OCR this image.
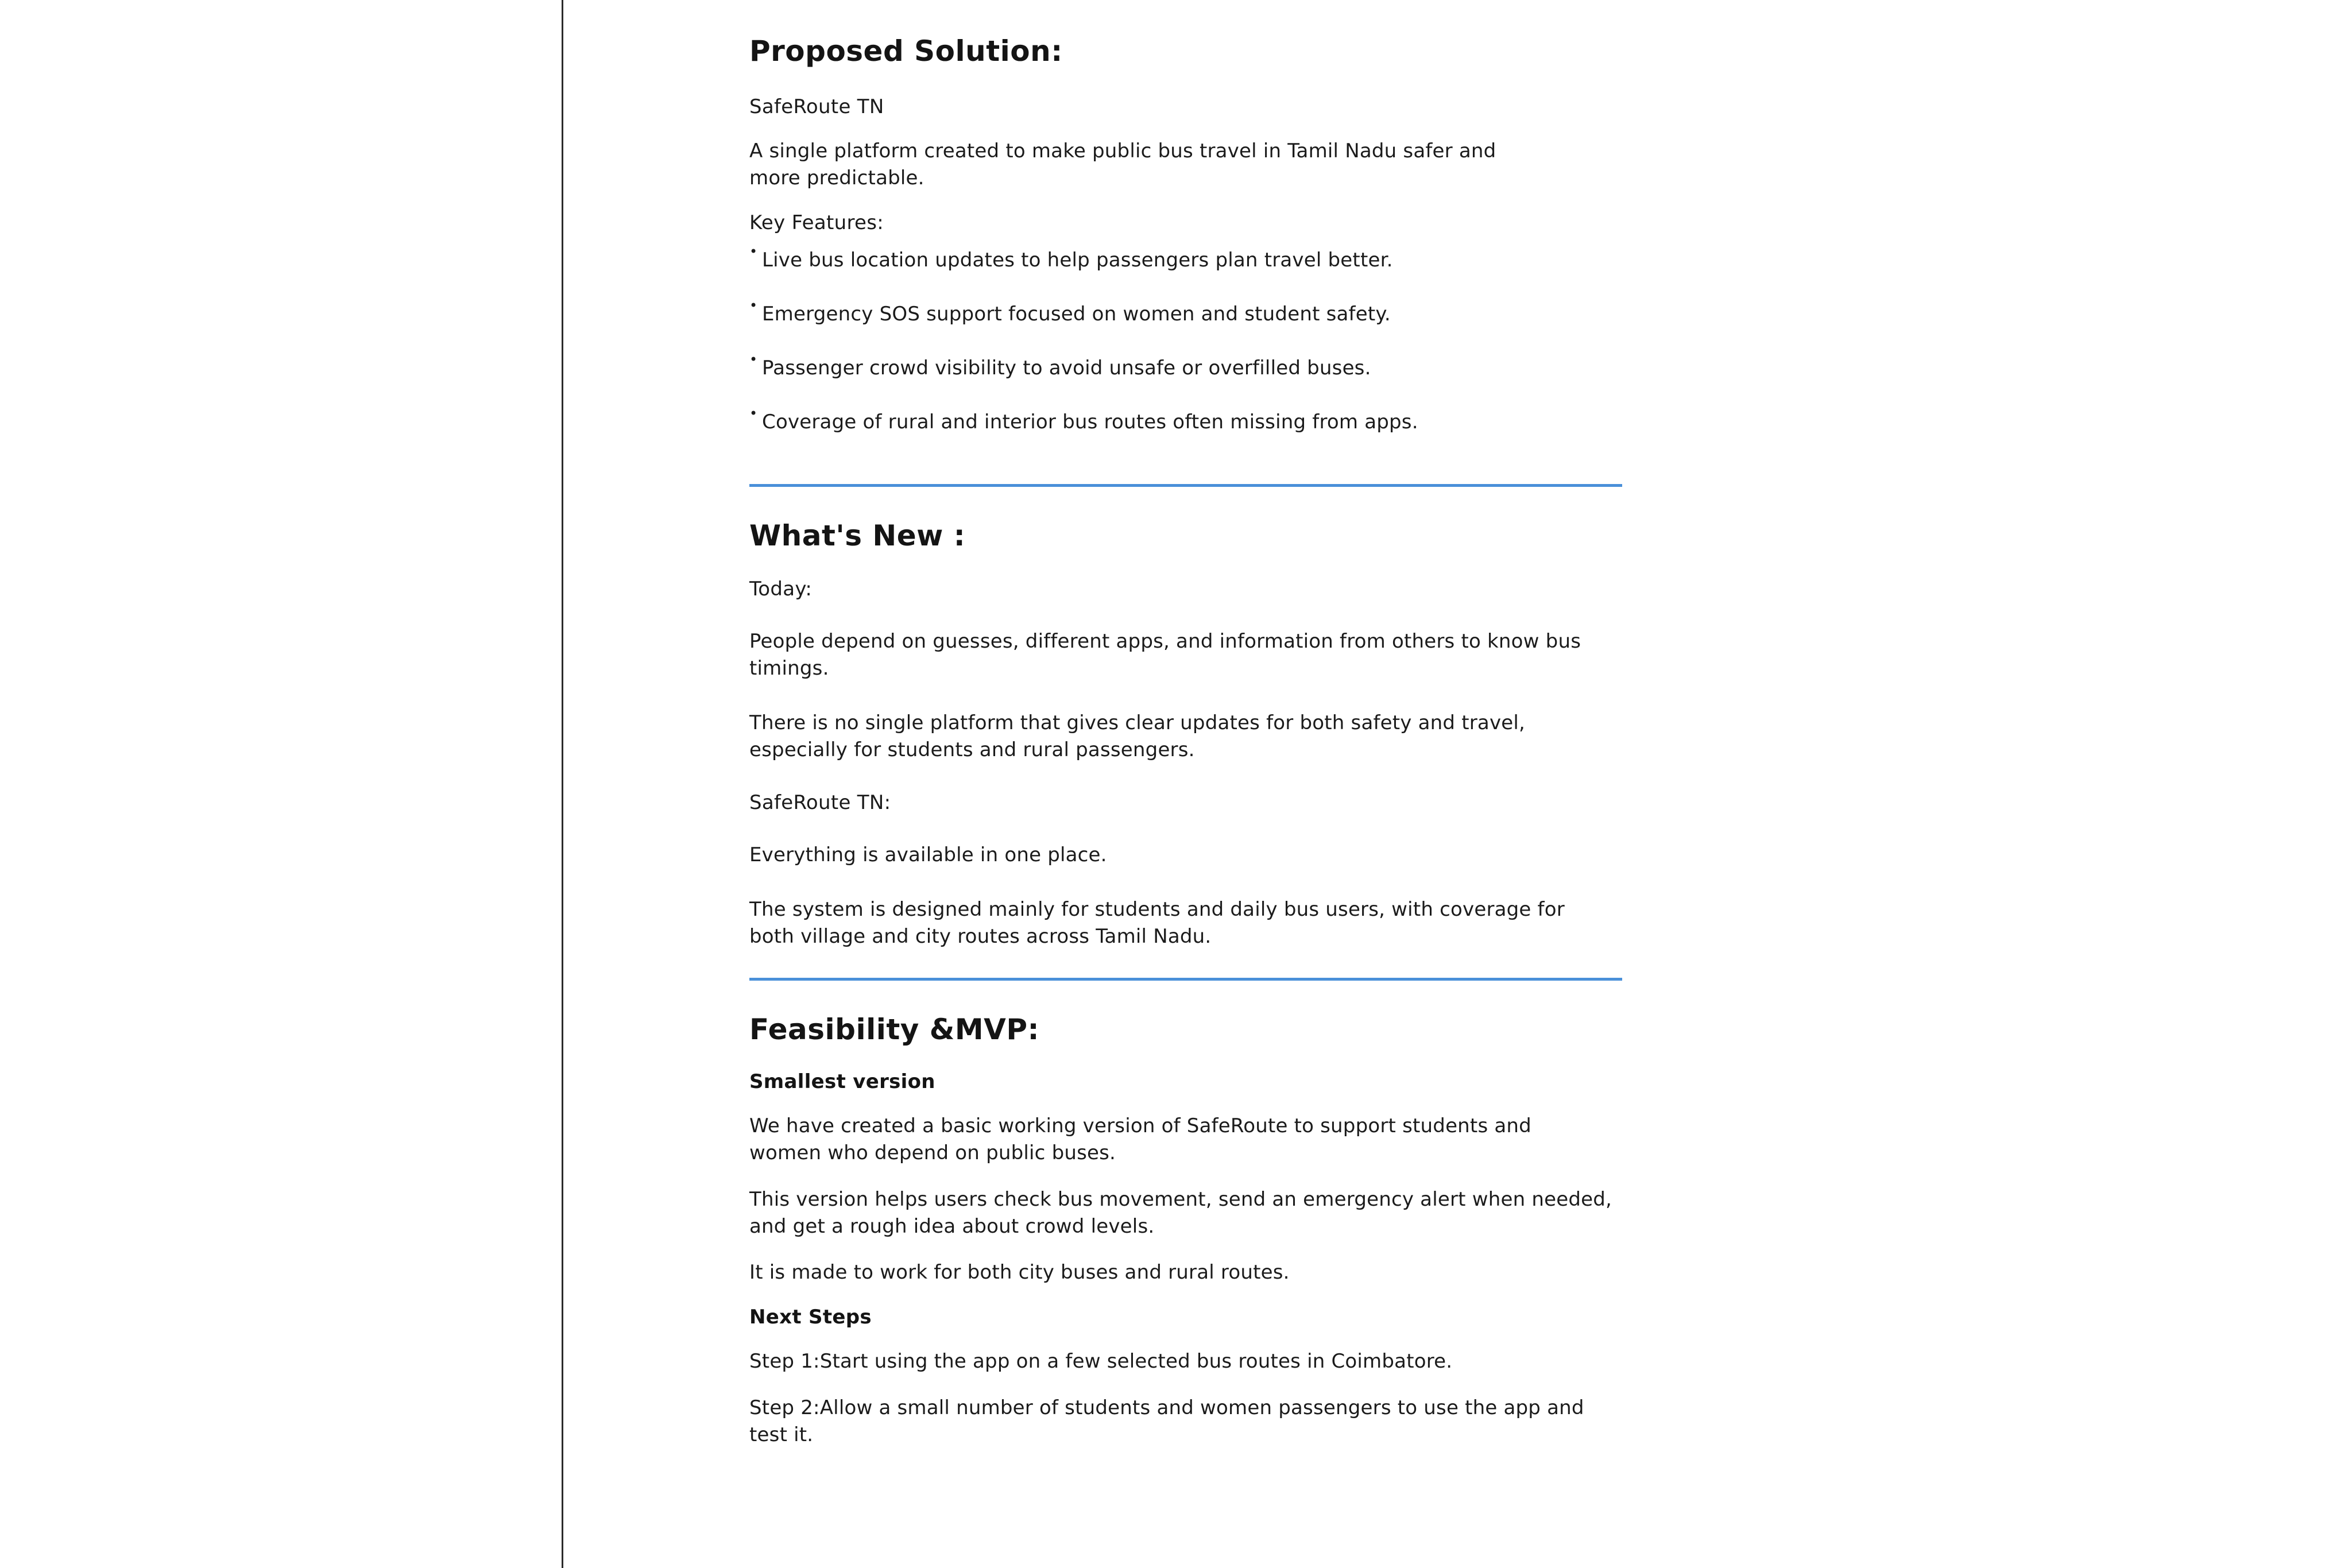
Proposed Solution:

SafeRoute TN

A single platform created to make public bus travel in Tamil Nadu safer and more predictable.

Key Features:

• Live bus location updates to help passengers plan travel better.
• Emergency SOS support focused on women and student safety.
• Passenger crowd visibility to avoid unsafe or overfilled buses.
• Coverage of rural and interior bus routes often missing from apps.
What's New :

Today:

People depend on guesses, different apps, and information from others to know bus timings.

There is no single platform that gives clear updates for both safety and travel, especially for students and rural passengers.

SafeRoute TN:

Everything is available in one place.

The system is designed mainly for students and daily bus users, with coverage for both village and city routes across Tamil Nadu.

Feasibility &MVP:

Smallest version

We have created a basic working version of SafeRoute to support students and women who depend on public buses.

This version helps users check bus movement, send an emergency alert when needed, and get a rough idea about crowd levels.

It is made to work for both city buses and rural routes.

Next Steps

Step 1:Start using the app on a few selected bus routes in Coimbatore.

Step 2:Allow a small number of students and women passengers to use the app and test it.
